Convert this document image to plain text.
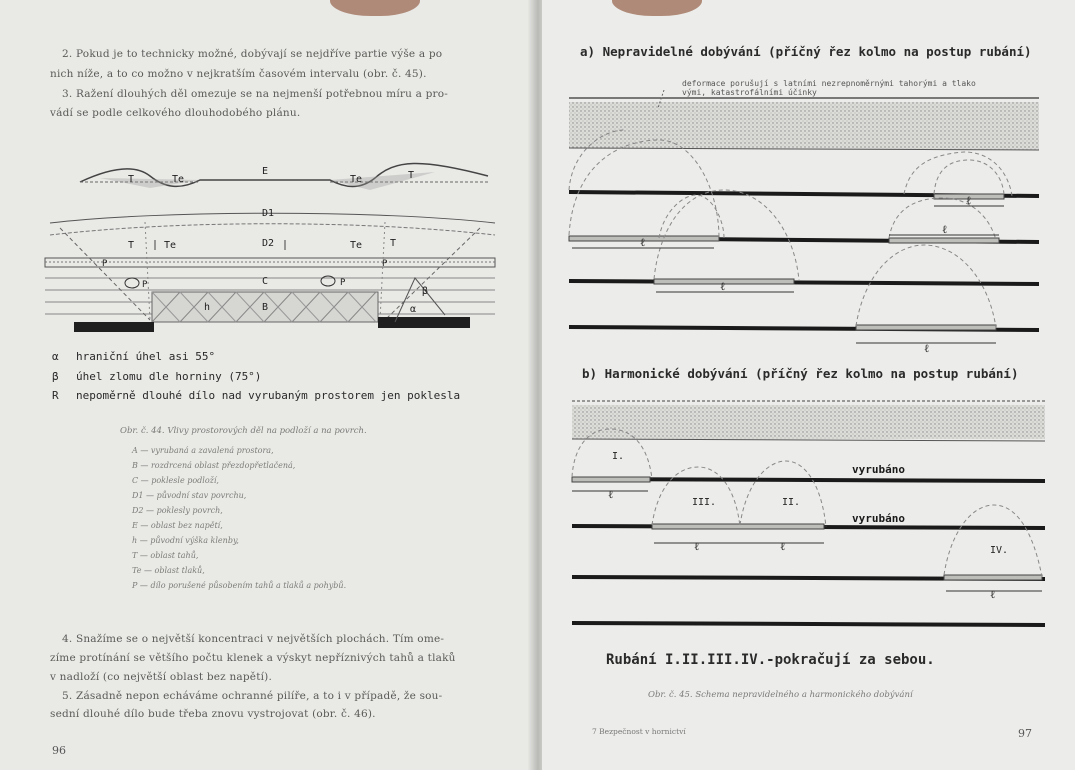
2. Pokud je to technicky možné, dobývají se nejdříve partie výše a po
nich níže, a to co možno v nejkratším časovém intervalu (obr. č. 45).
3. Ražení dlouhých děl omezuje se na nejmenší potřebnou míru a pro-
vádí se podle celkového dlouhodobého plánu.
T	Te
E
Te	T
D1
T	Te	D2	Te	T
P	P
P	P
C
h	B
β
α
α hraniční úhel asi 55°
β úhel zlomu dle horniny (75°)
R nepoměrně dlouhé dílo nad vyrubaným prostorem jen poklesla
Obr. č. 44. Vlivy prostorových děl na podloží a na povrch.
A — vyrubaná a zavalená prostora,
B — rozdrcená oblast přezdopřetlačená,
C — poklesle podloží,
D1 — původní stav povrchu,
D2 — poklesly povrch,
E — oblast bez napětí,
h — původní výška klenby,
T — oblast tahů,
Te — oblast tlaků,
P — dílo porušené působením tahů a tlaků a pohybů.
4. Snažíme se o největší koncentraci v největších plochách. Tím ome-
zíme protínání se většího počtu klenek a výskyt nepříznivých tahů a tlaků
v nadloží (co největší oblast bez napětí).
5. Zásadně nepon echáváme ochranné pilíře, a to i v případě, že sou-
sední dlouhé dílo bude třeba znovu vystrojovat (obr. č. 46).
96
a) Nepravidelné dobývání (příčný řez kolmo na postup rubání)
deformace porušují s latními nezrepnoměrnými tahorými a tlako
vými, katastrofálními účinky
ℓ
ℓ
ℓ
ℓ
ℓ
b) Harmonické dobývání (příčný řez kolmo na postup rubání)
I.
III.	II.
IV.
vyrubáno
vyrubáno
ℓ
ℓ	ℓ
ℓ
Rubání I.II.III.IV.-pokračují za sebou.
Obr. č. 45. Schema nepravidelného a harmonického dobývání
7 Bezpečnost v hornictví	97
